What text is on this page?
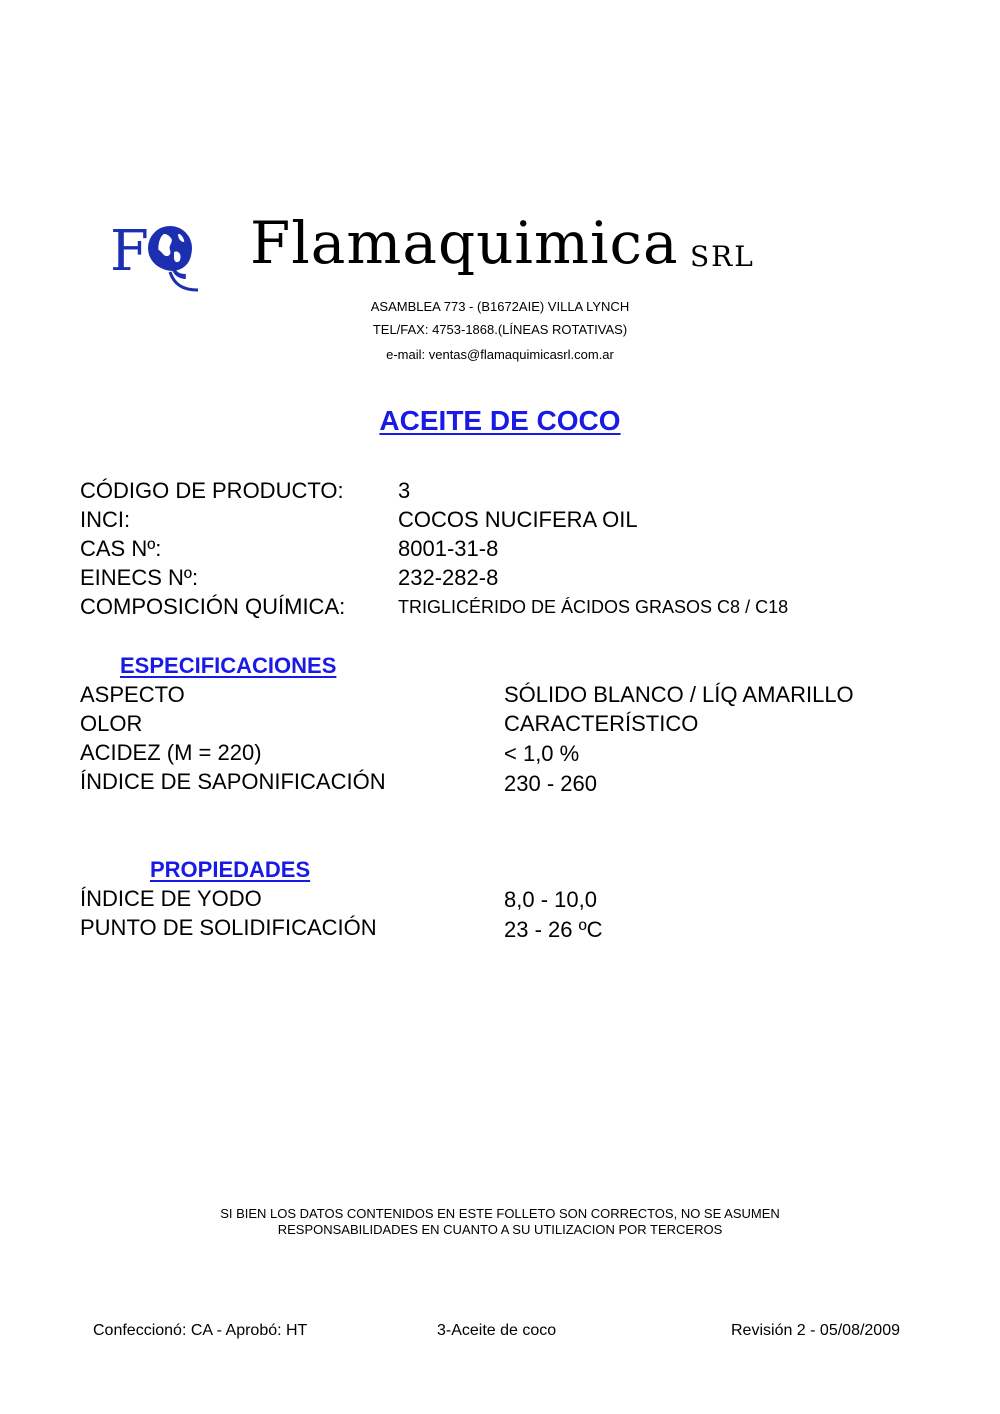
FQ Flamaquimica SRL
ASAMBLEA 773 - (B1672AIE) VILLA LYNCH
TEL/FAX: 4753-1868.(LÍNEAS ROTATIVAS)
e-mail: ventas@flamaquimicasrl.com.ar
ACEITE DE COCO
CÓDIGO DE PRODUCTO: 3
INCI:	COCOS NUCIFERA OIL
CAS Nº:	8001-31-8
EINECS Nº:	232-282-8
COMPOSICIÓN QUÍMICA:	TRIGLICÉRIDO DE ÁCIDOS GRASOS C8 / C18
ESPECIFICACIONES
ASPECTO	SÓLIDO BLANCO / LÍQ AMARILLO
OLOR	CARACTERÍSTICO
ACIDEZ (M = 220)	< 1,0 %
ÍNDICE DE SAPONIFICACIÓN	230 - 260
PROPIEDADES
ÍNDICE DE YODO	8,0 - 10,0
PUNTO DE SOLIDIFICACIÓN	23 - 26 ºC
SI BIEN LOS DATOS CONTENIDOS EN ESTE FOLLETO SON CORRECTOS, NO SE ASUMEN
RESPONSABILIDADES EN CUANTO A SU UTILIZACION POR TERCEROS
Confeccionó: CA - Aprobó: HT	3-Aceite de coco	Revisión 2 - 05/08/2009
